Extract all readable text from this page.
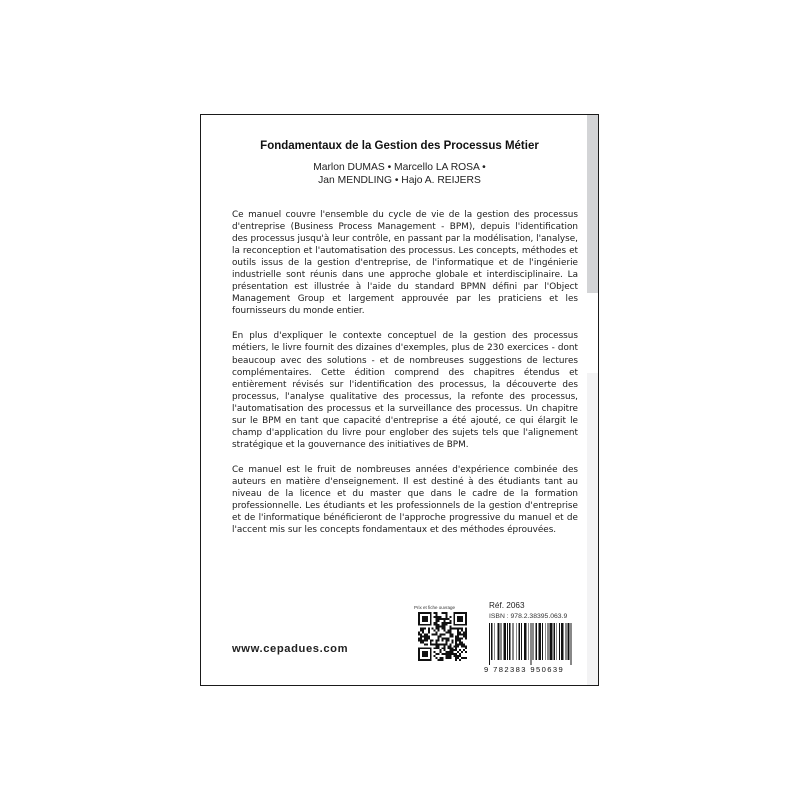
Fondamentaux de la Gestion des Processus Métier
Marlon DUMAS • Marcello LA ROSA •
Jan MENDLING • Hajo A. REIJERS

Ce manuel couvre l'ensemble du cycle de vie de la gestion des processus d'entreprise (Business Process Management - BPM), depuis l'identification des processus jusqu'à leur contrôle, en passant par la modélisation, l'analyse, la reconception et l'automatisation des processus. Les concepts, méthodes et outils issus de la gestion d'entreprise, de l'informatique et de l'ingénierie industrielle sont réunis dans une approche globale et interdisciplinaire. La présentation est illustrée à l'aide du standard BPMN défini par l'Object Management Group et largement approuvée par les praticiens et les fournisseurs du monde entier.

En plus d'expliquer le contexte conceptuel de la gestion des processus métiers, le livre fournit des dizaines d'exemples, plus de 230 exercices - dont beaucoup avec des solutions - et de nombreuses suggestions de lectures complémentaires. Cette édition comprend des chapitres étendus et entièrement révisés sur l'identification des processus, la découverte des processus, l'analyse qualitative des processus, la refonte des processus, l'automatisation des processus et la surveillance des processus. Un chapitre sur le BPM en tant que capacité d'entreprise a été ajouté, ce qui élargit le champ d'application du livre pour englober des sujets tels que l'alignement stratégique et la gouvernance des initiatives de BPM.

Ce manuel est le fruit de nombreuses années d'expérience combinée des auteurs en matière d'enseignement. Il est destiné à des étudiants tant au niveau de la licence et du master que dans le cadre de la formation professionnelle. Les étudiants et les professionnels de la gestion d'entreprise et de l'informatique bénéficieront de l'approche progressive du manuel et de l'accent mis sur les concepts fondamentaux et des méthodes éprouvées.

www.cepadues.com
Prix et fiche ouvrage	Réf. 2063
ISBN : 978.2.38395.063.9
9 782383 950639
